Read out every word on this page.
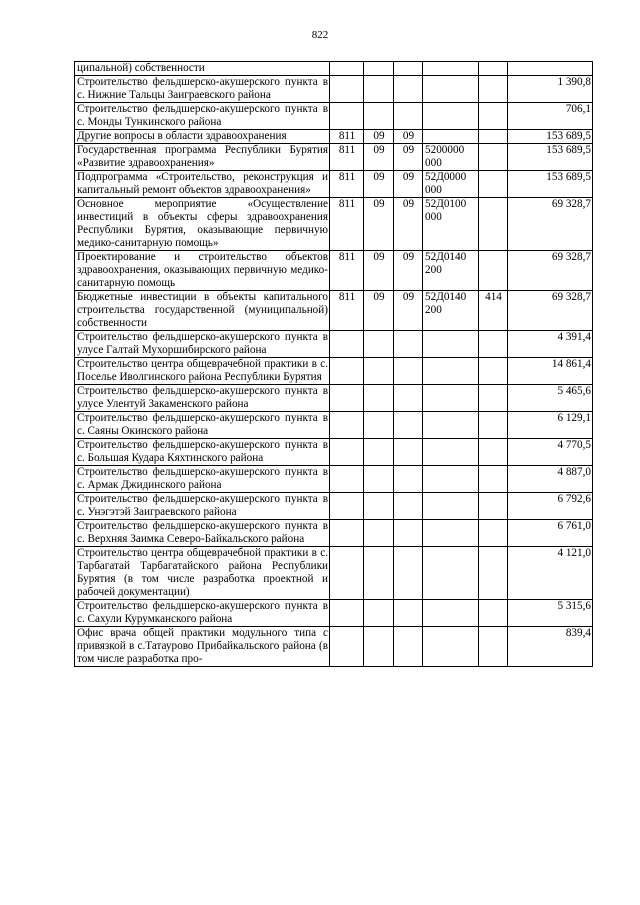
822
ципальной) собственности						
Строительство фельдшерско-акушерского пункта в с. Нижние Тальцы Заиграевского района						1 390,8
Строительство фельдшерско-акушерского пункта в с. Монды Тункинского района						706,1
Другие вопросы в области здравоохранения	811	09	09			153 689,5
Государственная программа Республики Бурятия «Развитие здравоохранения»	811	09	09	5200000 000		153 689,5
Подпрограмма «Строительство, реконструкция и капитальный ремонт объектов здравоохранения»	811	09	09	52Д0000 000		153 689,5
Основное мероприятие «Осуществление инвестиций в объекты сферы здравоохранения Республики Бурятия, оказывающие первичную медико-санитарную помощь»	811	09	09	52Д0100 000		69 328,7
Проектирование и строительство объектов здравоохранения, оказывающих первичную медико-санитарную помощь	811	09	09	52Д0140 200		69 328,7
Бюджетные инвестиции в объекты капитального строительства государственной (муниципальной) собственности	811	09	09	52Д0140 200	414	69 328,7
Строительство фельдшерско-акушерского пункта в улусе Галтай Мухоршибирского района						4 391,4
Строительство центра общеврачебной практики в с. Поселье Иволгинского района Республики Бурятия						14 861,4
Строительство фельдшерско-акушерского пункта в улусе Улентуй Закаменского района						5 465,6
Строительство фельдшерско-акушерского пункта в с. Саяны Окинского района						6 129,1
Строительство фельдшерско-акушерского пункта в с. Большая Кудара Кяхтинского района						4 770,5
Строительство фельдшерско-акушерского пункта в с. Армак Джидинского района						4 887,0
Строительство фельдшерско-акушерского пункта в с. Унэгэтэй Заиграевского района						6 792,6
Строительство фельдшерско-акушерского пункта в с. Верхняя Заимка Северо-Байкальского района						6 761,0
Строительство центра общеврачебной практики в с. Тарбагатай Тарбагатайского района Республики Бурятия (в том числе разработка проектной и рабочей документации)						4 121,0
Строительство фельдшерско-акушерского пункта в с. Сахули Курумканского района						5 315,6
Офис врача общей практики модульного типа с привязкой в с.Татаурово Прибайкальского района (в том числе разработка про-						839,4
